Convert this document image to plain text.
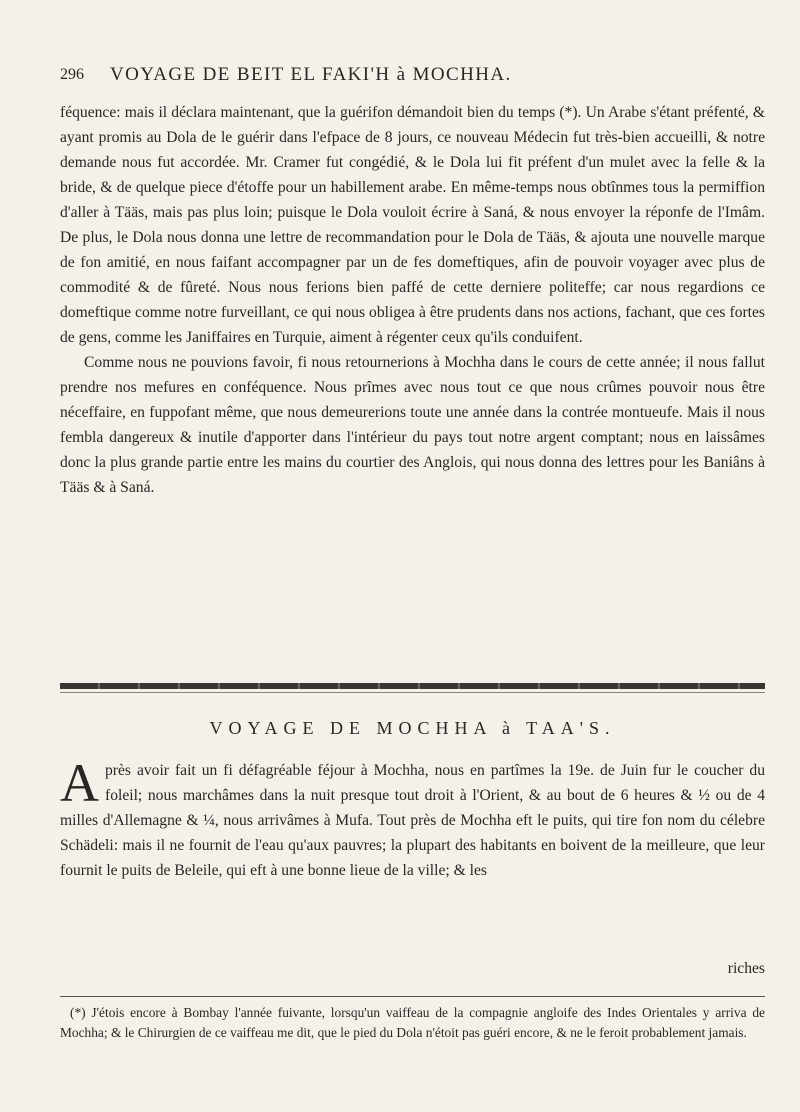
296 VOYAGE DE BEIT EL FAKI'H à MOCHHA.

féquence: mais il déclara maintenant, que la guérifon démandoit bien du temps (*). Un Arabe s'étant préfenté, & ayant promis au Dola de le guérir dans l'efpace de 8 jours, ce nouveau Médecin fut très-bien accueilli, & notre demande nous fut accordée. Mr. Cramer fut congédié, & le Dola lui fit préfent d'un mulet avec la felle & la bride, & de quelque piece d'étoffe pour un habillement arabe. En même-temps nous obtînmes tous la permiffion d'aller à Tääs, mais pas plus loin; puisque le Dola vouloit écrire à Saná, & nous envoyer la réponfe de l'Imâm. De plus, le Dola nous donna une lettre de recommandation pour le Dola de Tääs, & ajouta une nouvelle marque de fon amitié, en nous faifant accompagner par un de fes domeftiques, afin de pouvoir voyager avec plus de commodité & de fûreté. Nous nous ferions bien paffé de cette derniere politeffe; car nous regardions ce domeftique comme notre furveillant, ce qui nous obligea à être prudents dans nos actions, fachant, que ces fortes de gens, comme les Janiffaires en Turquie, aiment à régenter ceux qu'ils conduifent.

Comme nous ne pouvions favoir, fi nous retournerions à Mochha dans le cours de cette année; il nous fallut prendre nos mefures en conféquence. Nous prîmes avec nous tout ce que nous crûmes pouvoir nous être néceffaire, en fuppofant même, que nous demeurerions toute une année dans la contrée montueufe. Mais il nous fembla dangereux & inutile d'apporter dans l'intérieur du pays tout notre argent comptant; nous en laissâmes donc la plus grande partie entre les mains du courtier des Anglois, qui nous donna des lettres pour les Baniâns à Tääs & à Saná.

VOYAGE DE MOCHHA à TAA'S.
A près avoir fait un fi défagréable féjour à Mochha, nous en partîmes la 19e. de Juin fur le coucher du foleil; nous marchâmes dans la nuit presque tout droit à l'Orient, & au bout de 6 heures & ½ ou de 4 milles d'Allemagne & ¼, nous arrivâmes à Mufa. Tout près de Mochha eft le puits, qui tire fon nom du célebre Schädeli: mais il ne fournit de l'eau qu'aux pauvres; la plupart des habitants en boivent de la meilleure, que leur fournit le puits de Beleile, qui eft à une bonne lieue de la ville; & les
riches

(*) J'étois encore à Bombay l'année fuivante, lorsqu'un vaiffeau de la compagnie angloife des Indes Orientales y arriva de Mochha; & le Chirurgien de ce vaiffeau me dit, que le pied du Dola n'étoit pas guéri encore, & ne le feroit probablement jamais.
